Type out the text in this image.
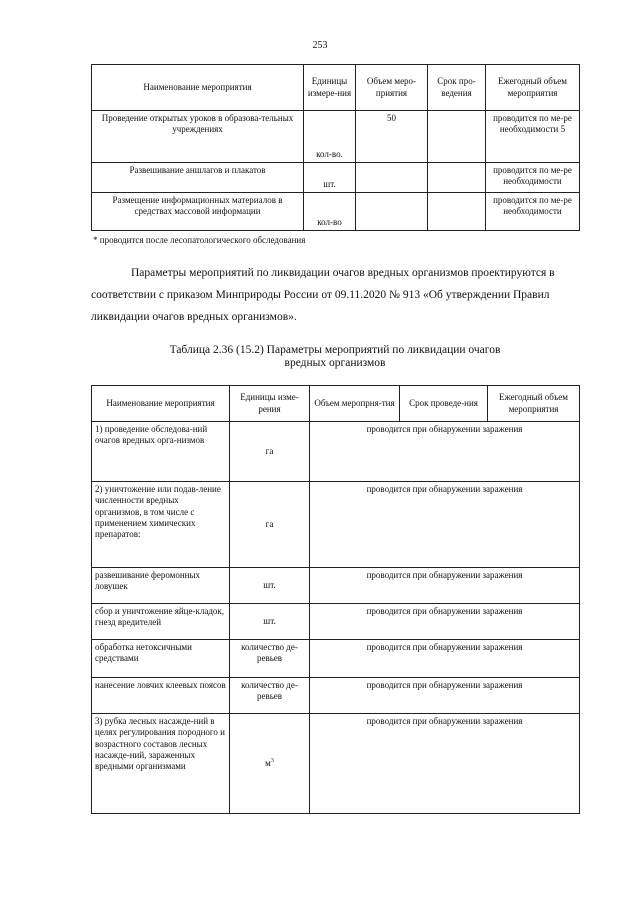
253
Наименование мероприятия	Единицы измере-ния	Объем меро-приятия	Срок про-ведения	Ежегодный объем мероприятия
Проведение открытых уроков в образова-тельных учреждениях	кол-во.	50		проводится по ме-ре необходимости 5
Развешивание аншлагов и плакатов	шт.			проводится по ме-ре необходимости
Размещение информационных материалов в средствах массовой информации	кол-во			проводится по ме-ре необходимости
* проводится после лесопатологического обследования
Параметры мероприятий по ликвидации очагов вредных организмов проектируются в соответствии с приказом Минприроды России от 09.11.2020 № 913 «Об утверждении Правил ликвидации очагов вредных организмов».
Таблица 2.36 (15.2) Параметры мероприятий по ликвидации очагов
вредных организмов
Наименование мероприятия	Единицы изме-рения	Объем меропрня-тия	Срок проведе-ния	Ежегодный объем мероприятия
1) проведение обследова-ний очагов вредных орга-низмов	га	проводится при обнаружении заражения		
2) уничтожение или подав-ление численности вредных организмов, в том числе с применением химических препаратов:	га	проводится при обнаружении заражения		
развешивание феромонных ловушек	шт.	проводится при обнаружении заражения		
сбор и уничтожение яйце-кладок, гнезд вредителей	шт.	проводится при обнаружении заражения		
обработка нетоксичными средствами	количество де-ревьев	проводится при обнаружении заражения		
нанесение ловчих клеевых поясов	количество де-ревьев	проводится при обнаружении заражения		
3) рубка лесных насажде-ний в целях регулирования породного и возрастного составов лесных насажде-ний, зараженных вредными организмами	$м^3$	проводится при обнаружении заражения		
